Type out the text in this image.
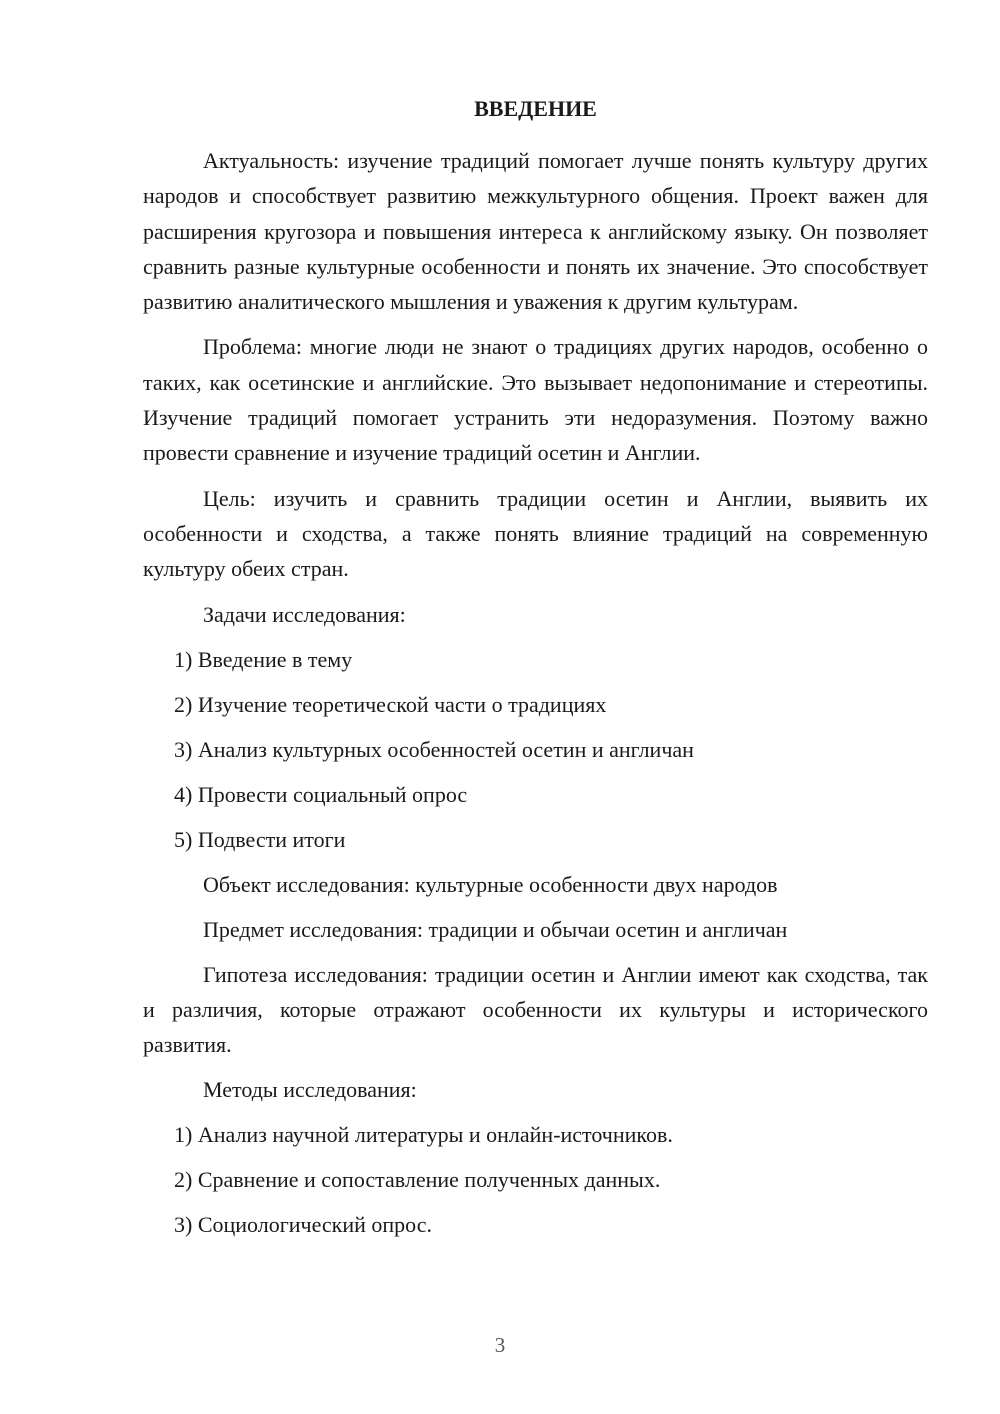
ВВЕДЕНИЕ

Актуальность: изучение традиций помогает лучше понять культуру других народов и способствует развитию межкультурного общения. Проект важен для расширения кругозора и повышения интереса к английскому языку. Он позволяет сравнить разные культурные особенности и понять их значение. Это способствует развитию аналитического мышления и уважения к другим культурам.

Проблема: многие люди не знают о традициях других народов, особенно о таких, как осетинские и английские. Это вызывает недопонимание и стереотипы. Изучение традиций помогает устранить эти недоразумения. Поэтому важно провести сравнение и изучение традиций осетин и Англии.

Цель: изучить и сравнить традиции осетин и Англии, выявить их особенности и сходства, а также понять влияние традиций на современную культуру обеих стран.

Задачи исследования:
1) Введение в тему
2) Изучение теоретической части о традициях
3) Анализ культурных особенностей осетин и англичан
4) Провести социальный опрос
5) Подвести итоги
Объект исследования: культурные особенности двух народов
Предмет исследования: традиции и обычаи осетин и англичан

Гипотеза исследования: традиции осетин и Англии имеют как сходства, так и различия, которые отражают особенности их культуры и исторического развития.

Методы исследования:
1) Анализ научной литературы и онлайн-источников.
2) Сравнение и сопоставление полученных данных.
3) Социологический опрос.
3
